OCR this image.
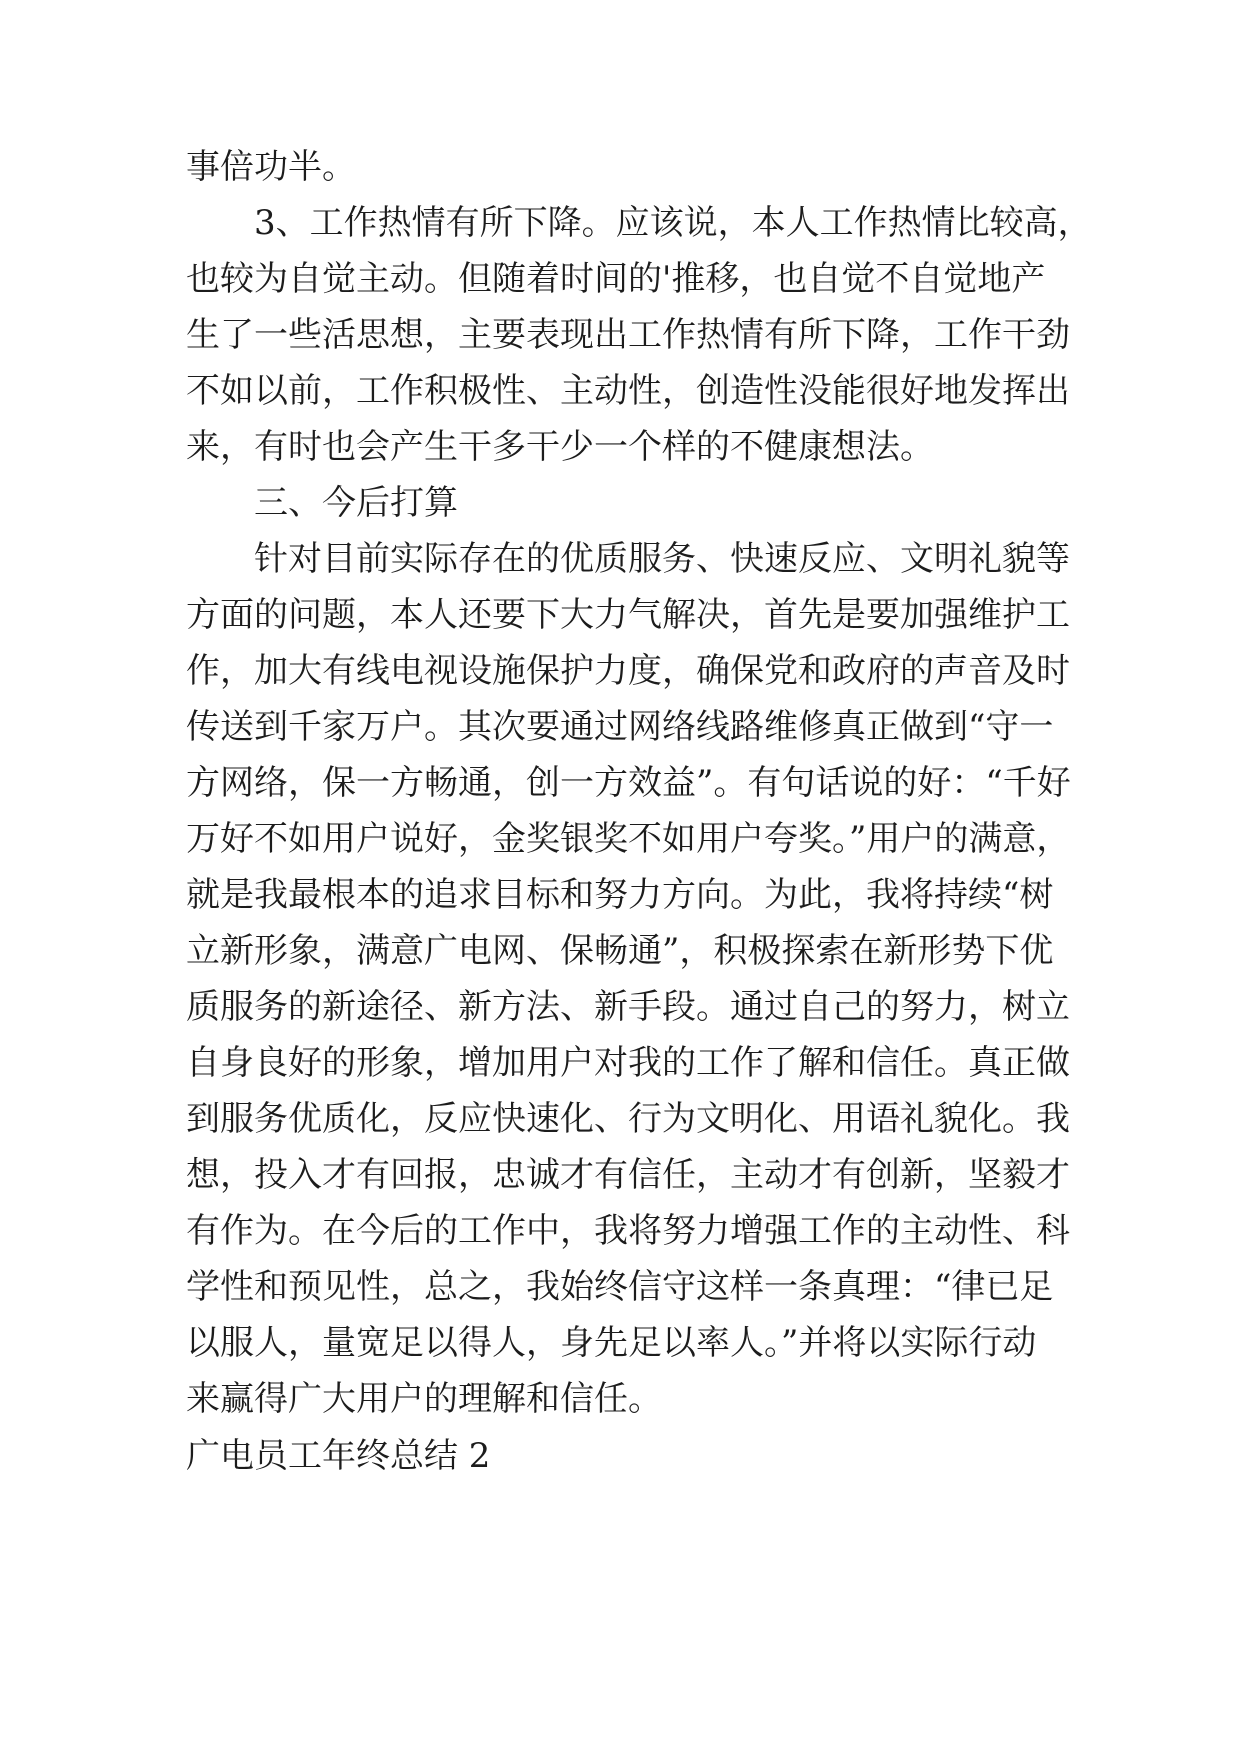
事倍功半。
3、工作热情有所下降。应该说，本人工作热情比较高，
也较为自觉主动。但随着时间的'推移，也自觉不自觉地产
生了一些活思想，主要表现出工作热情有所下降，工作干劲
不如以前，工作积极性、主动性，创造性没能很好地发挥出
来，有时也会产生干多干少一个样的不健康想法。
三、今后打算
针对目前实际存在的优质服务、快速反应、文明礼貌等
方面的问题，本人还要下大力气解决，首先是要加强维护工
作，加大有线电视设施保护力度，确保党和政府的声音及时
传送到千家万户。其次要通过网络线路维修真正做到“守一
方网络，保一方畅通，创一方效益”。有句话说的好：“千好
万好不如用户说好，金奖银奖不如用户夸奖。”用户的满意，
就是我最根本的追求目标和努力方向。为此，我将持续“树
立新形象，满意广电网、保畅通”，积极探索在新形势下优
质服务的新途径、新方法、新手段。通过自己的努力，树立
自身良好的形象，增加用户对我的工作了解和信任。真正做
到服务优质化，反应快速化、行为文明化、用语礼貌化。我
想，投入才有回报，忠诚才有信任，主动才有创新，坚毅才
有作为。在今后的工作中，我将努力增强工作的主动性、科
学性和预见性，总之，我始终信守这样一条真理：“律已足
以服人，量宽足以得人，身先足以率人。”并将以实际行动
来赢得广大用户的理解和信任。
广电员工年终总结 2
